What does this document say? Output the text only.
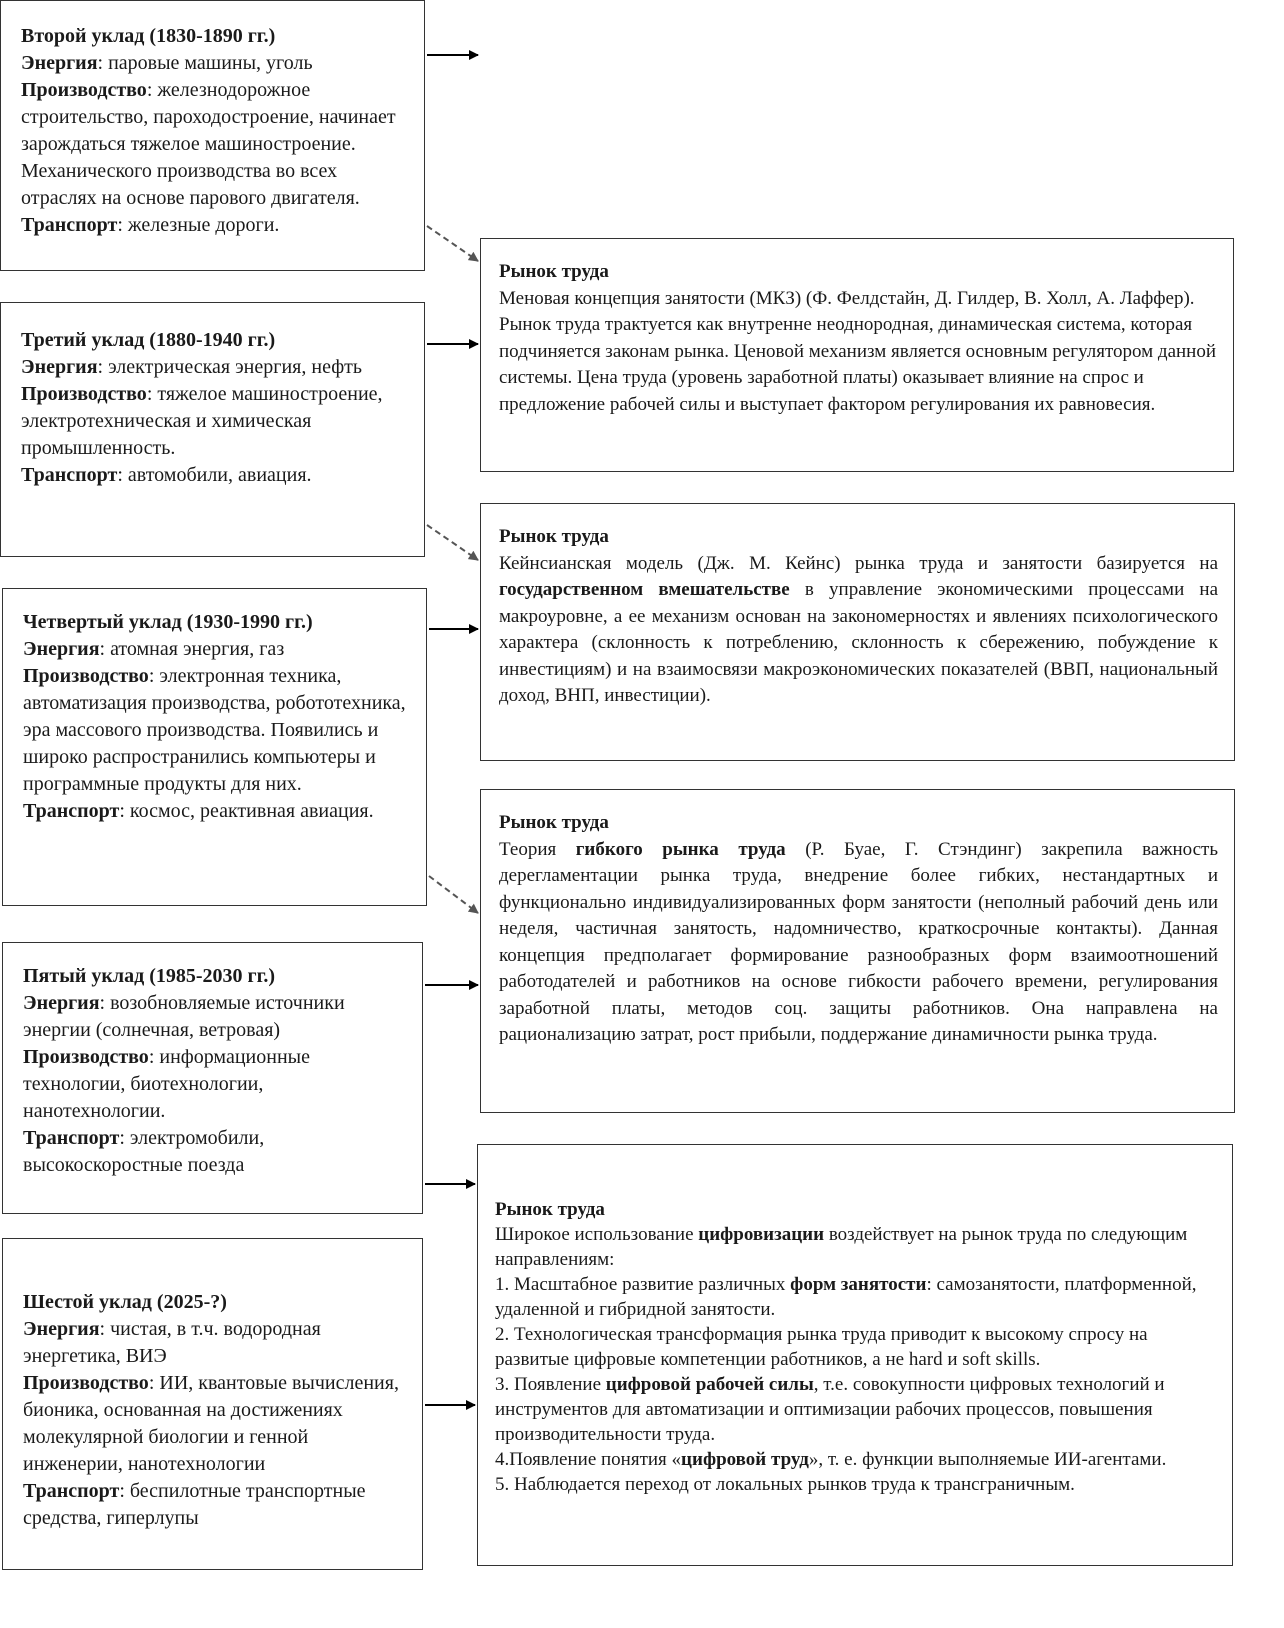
Второй уклад (1830-1890 гг.)
Энергия: паровые машины, уголь
Производство: железнодорожное строительство, пароходостроение, начинает зарождаться тяжелое машиностроение. Механического производства во всех отраслях на основе парового двигателя.
Транспорт: железные дороги.
Третий уклад (1880-1940 гг.)
Энергия: электрическая энергия, нефть
Производство: тяжелое машиностроение, электротехническая и химическая промышленность.
Транспорт: автомобили, авиация.
Четвертый уклад (1930-1990 гг.)
Энергия: атомная энергия, газ
Производство: электронная техника, автоматизация производства, робототехника, эра массового производства. Появились и широко распространились компьютеры и программные продукты для них.
Транспорт: космос, реактивная авиация.
Пятый уклад (1985-2030 гг.)
Энергия: возобновляемые источники энергии (солнечная, ветровая)
Производство: информационные технологии, биотехнологии, нанотехнологии.
Транспорт: электромобили, высокоскоростные поезда
Шестой уклад (2025-?)
Энергия: чистая, в т.ч. водородная энергетика, ВИЭ
Производство: ИИ, квантовые вычисления, бионика, основанная на достижениях молекулярной биологии и генной инженерии, нанотехнологии
Транспорт: беспилотные транспортные средства, гиперлупы
Рынок труда
Меновая концепция занятости (МКЗ) (Ф. Фелдстайн, Д. Гилдер, В. Холл, А. Лаффер). Рынок труда трактуется как внутренне неоднородная, динамическая система, которая подчиняется законам рынка. Ценовой механизм является основным регулятором данной системы. Цена труда (уровень заработной платы) оказывает влияние на спрос и предложение рабочей силы и выступает фактором регулирования их равновесия.
Рынок труда
Кейнсианская модель (Дж. М. Кейнс) рынка труда и занятости базируется на государственном вмешательстве в управление экономическими процессами на макроуровне, а ее механизм основан на закономерностях и явлениях психологического характера (склонность к потреблению, склонность к сбережению, побуждение к инвестициям) и на взаимосвязи макроэкономических показателей (ВВП, национальный доход, ВНП, инвестиции).
Рынок труда
Теория гибкого рынка труда (Р. Буае, Г. Стэндинг) закрепила важность дерегламентации рынка труда, внедрение более гибких, нестандартных и функционально индивидуализированных форм занятости (неполный рабочий день или неделя, частичная занятость, надомничество, краткосрочные контакты). Данная концепция предполагает формирование разнообразных форм взаимоотношений работодателей и работников на основе гибкости рабочего времени, регулирования заработной платы, методов соц. защиты работников. Она направлена на рационализацию затрат, рост прибыли, поддержание динамичности рынка труда.
Рынок труда
Широкое использование цифровизации воздействует на рынок труда по следующим направлениям:
1. Масштабное развитие различных форм занятости: самозанятости, платформенной, удаленной и гибридной занятости.
2. Технологическая трансформация рынка труда приводит к высокому спросу на развитые цифровые компетенции работников, а не hard и soft skills.
3. Появление цифровой рабочей силы, т.е. совокупности цифровых технологий и инструментов для автоматизации и оптимизации рабочих процессов, повышения производительности труда.
4.Появление понятия «цифровой труд», т. е. функции выполняемые ИИ-агентами.
5. Наблюдается переход от локальных рынков труда к трансграничным.
